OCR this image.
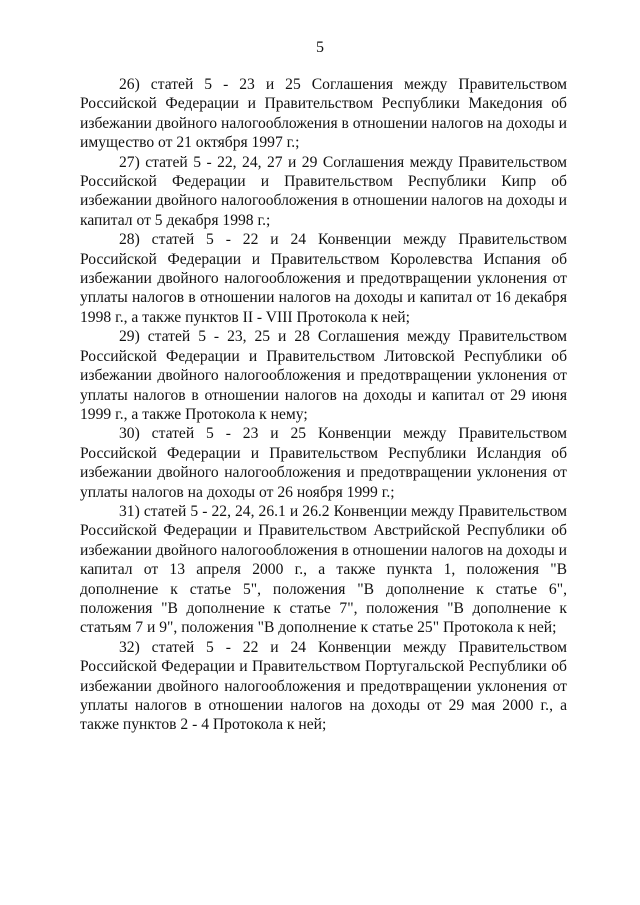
5

26) статей 5 - 23 и 25 Соглашения между Правительством Российской Федерации и Правительством Республики Македония об избежании двойного налогообложения в отношении налогов на доходы и имущество от 21 октября 1997 г.;

27) статей 5 - 22, 24, 27 и 29 Соглашения между Правительством Российской Федерации и Правительством Республики Кипр об избежании двойного налогообложения в отношении налогов на доходы и капитал от 5 декабря 1998 г.;

28) статей 5 - 22 и 24 Конвенции между Правительством Российской Федерации и Правительством Королевства Испания об избежании двойного налогообложения и предотвращении уклонения от уплаты налогов в отношении налогов на доходы и капитал от 16 декабря 1998 г., а также пунктов II - VIII Протокола к ней;

29) статей 5 - 23, 25 и 28 Соглашения между Правительством Российской Федерации и Правительством Литовской Республики об избежании двойного налогообложения и предотвращении уклонения от уплаты налогов в отношении налогов на доходы и капитал от 29 июня 1999 г., а также Протокола к нему;

30) статей 5 - 23 и 25 Конвенции между Правительством Российской Федерации и Правительством Республики Исландия об избежании двойного налогообложения и предотвращении уклонения от уплаты налогов на доходы от 26 ноября 1999 г.;

31) статей 5 - 22, 24, 26.1 и 26.2 Конвенции между Правительством Российской Федерации и Правительством Австрийской Республики об избежании двойного налогообложения в отношении налогов на доходы и капитал от 13 апреля 2000 г., а также пункта 1, положения "В дополнение к статье 5", положения "В дополнение к статье 6", положения "В дополнение к статье 7", положения "В дополнение к статьям 7 и 9", положения "В дополнение к статье 25" Протокола к ней;

32) статей 5 - 22 и 24 Конвенции между Правительством Российской Федерации и Правительством Португальской Республики об избежании двойного налогообложения и предотвращении уклонения от уплаты налогов в отношении налогов на доходы от 29 мая 2000 г., а также пунктов 2 - 4 Протокола к ней;
